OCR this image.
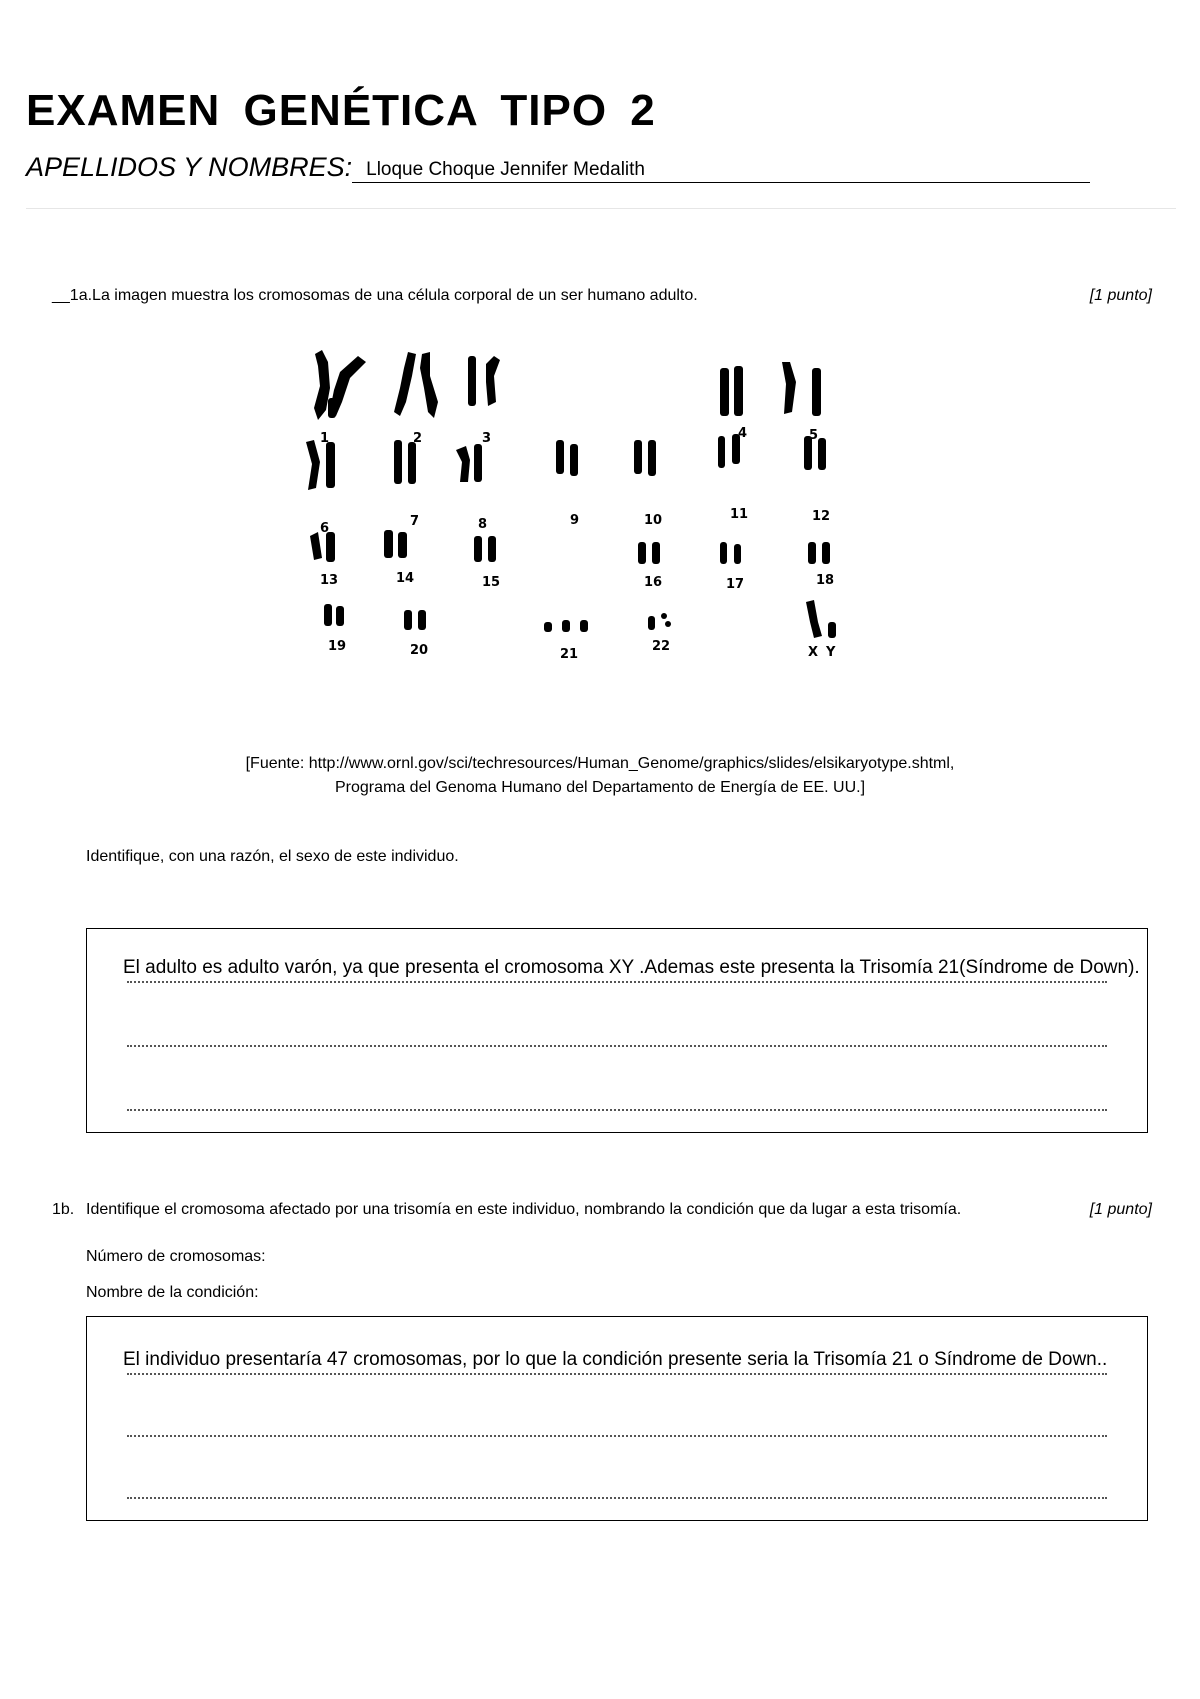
EXAMEN GENÉTICA TIPO 2
APELLIDOS Y NOMBRES: Lloque Choque Jennifer Medalith
__1a.La imagen muestra los cromosomas de una célula corporal de un ser humano adulto.	[1 punto]
1	2	3	4	5
6	7	8	9	10	11	12
13	14	15	16	17	18
19	20	21
22	X Y
[Fuente: http://www.ornl.gov/sci/techresources/Human_Genome/graphics/slides/elsikaryotype.shtml,
Programa del Genoma Humano del Departamento de Energía de EE. UU.]
Identifique, con una razón, el sexo de este individuo.
El adulto es adulto varón, ya que presenta el cromosoma XY .Ademas este presenta la Trisomía 21(Síndrome de Down).
1b. Identifique el cromosoma afectado por una trisomía en este individuo, nombrando la condición que da lugar a esta trisomía.	[1 punto]
Número de cromosomas:
Nombre de la condición:
El individuo presentaría 47 cromosomas, por lo que la condición presente seria la Trisomía 21 o Síndrome de Down..
